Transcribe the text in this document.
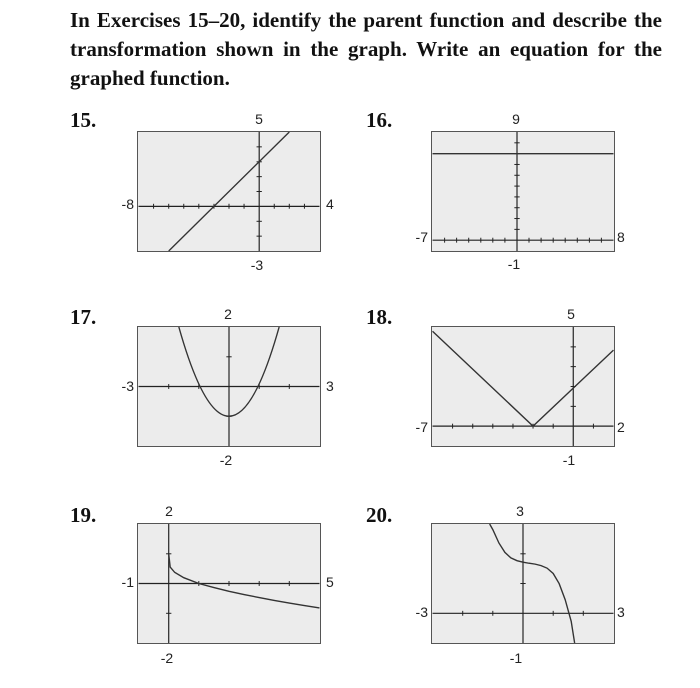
In Exercises 15–20, identify the parent function and describe the transformation shown in the graph. Write an equation for the graphed function.

15.	5
-8	4
-3
16.	9
-7	8
-1
17.	2
-3	3
-2
18.	5
-7	2
-1
19.	2
-1	5
-2
20.	3
-3	3
-1
